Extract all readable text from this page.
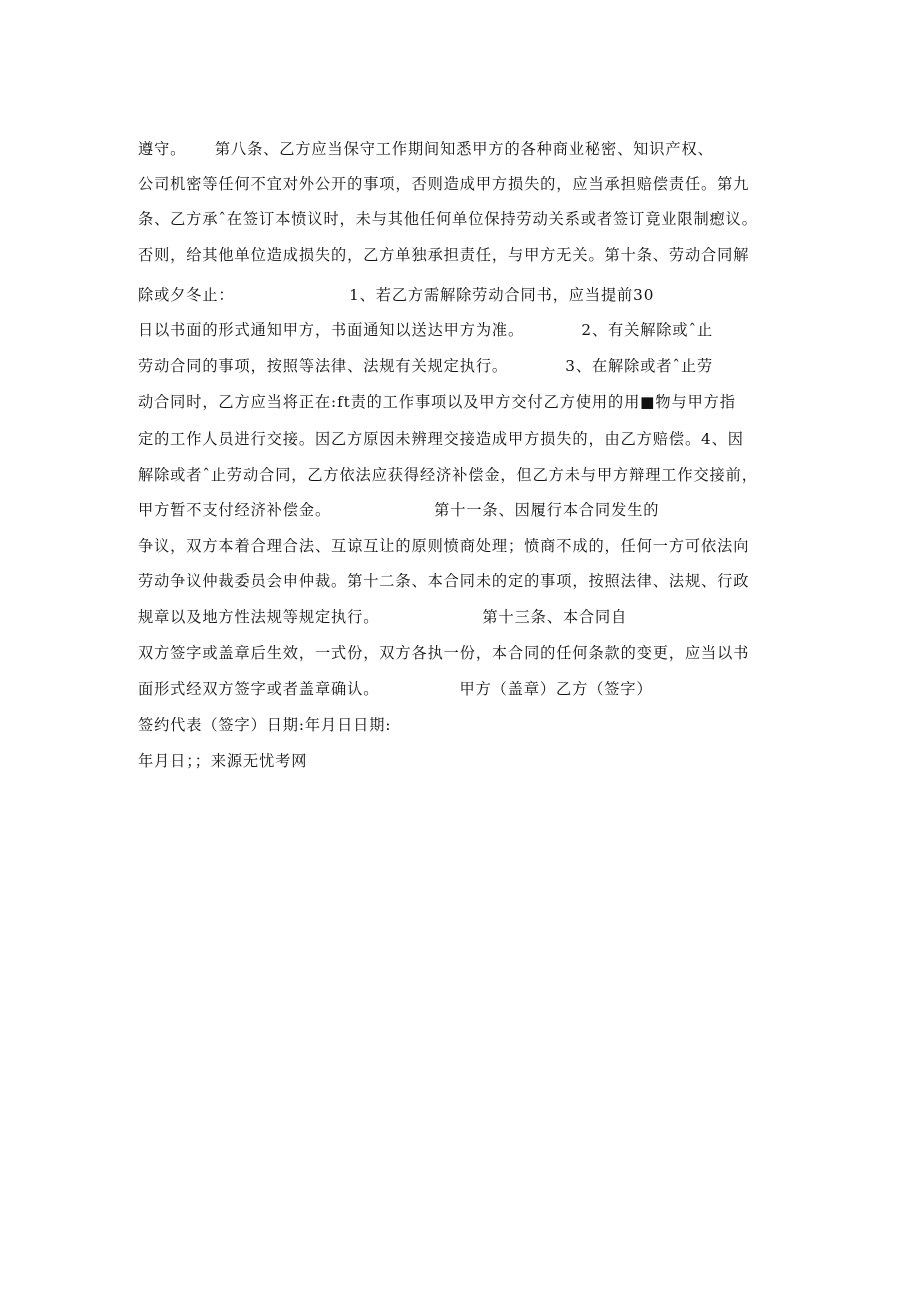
遵守。     第八条、乙方应当保守工作期间知悉甲方的各种商业秘密、知识产权、
公司机密等任何不宜对外公开的事项，否则造成甲方损失的，应当承担赔偿责任。第九
条、乙方承ˆ在签订本愤议时，未与其他任何单位保持劳动关系或者签订竟业限制瘛议。
否则，给其他单位造成损失的，乙方单独承担责任，与甲方无关。第十条、劳动合同解
除或夕冬止：                    1、若乙方需解除劳动合同书，应当提前30
日以书面的形式通知甲方，书面通知以送达甲方为准。          2、有关解除或ˆ止
劳动合同的事项，按照等法律、法规有关规定执行。          3、在解除或者ˆ止劳
动合同时，乙方应当将正在:ft责的工作事项以及甲方交付乙方使用的用■物与甲方指
定的工作人员进行交接。因乙方原因未辨理交接造成甲方损失的，由乙方赔偿。4、因
解除或者ˆ止劳动合同，乙方依法应获得经济补偿金，但乙方未与甲方辩理工作交接前，
甲方暂不支付经济补偿金。                  第十一条、因履行本合同发生的
争议，双方本着合理合法、互谅互让的原则愤商处理；愤商不成的，任何一方可依法向
劳动争议仲裁委员会申仲裁。第十二条、本合同未的定的事项，按照法律、法规、行政
规章以及地方性法规等规定执行。                  第十三条、本合同自
双方签字或盖章后生效，一式份，双方各执一份，本合同的任何条款的变更，应当以书
面形式经双方签字或者盖章确认。              甲方（盖章）乙方（签字）
签约代表（签字）日期:年月日日期:
年月日；；来源无忧考网
